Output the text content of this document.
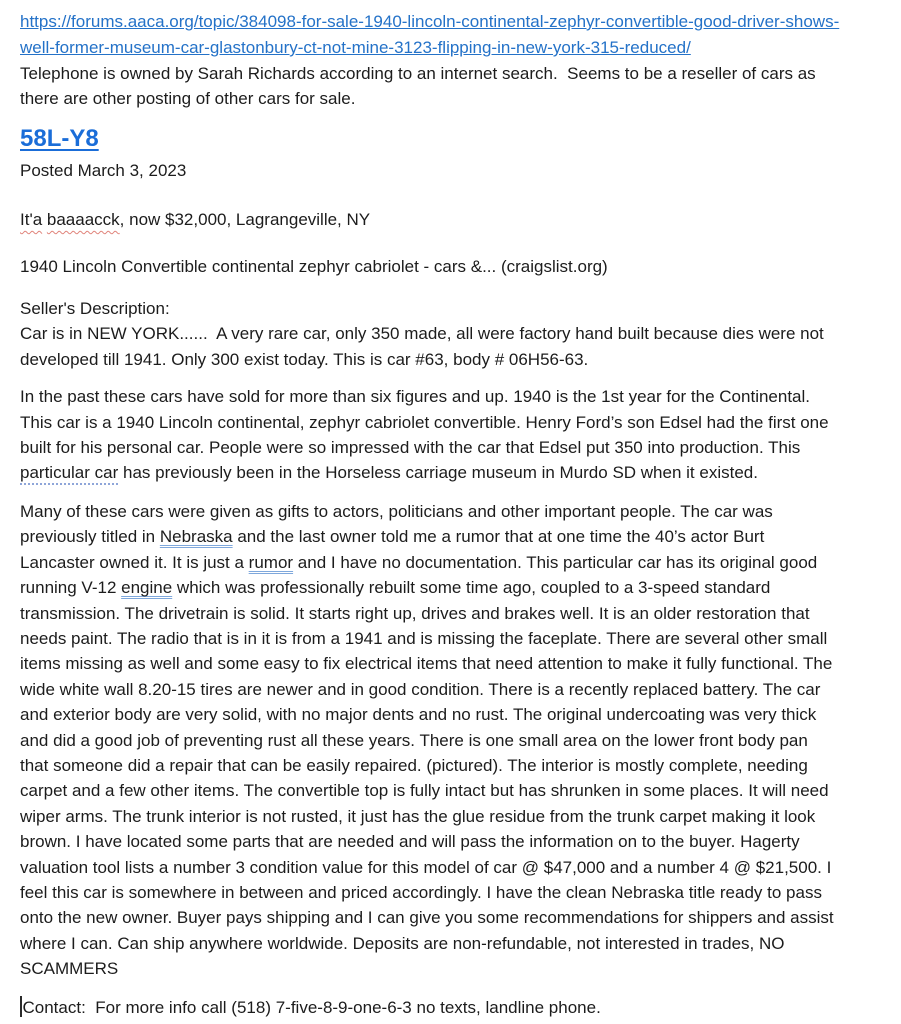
https://forums.aaca.org/topic/384098-for-sale-1940-lincoln-continental-zephyr-convertible-good-driver-shows-well-former-museum-car-glastonbury-ct-not-mine-3123-flipping-in-new-york-315-reduced/
Telephone is owned by Sarah Richards according to an internet search.  Seems to be a reseller of cars as there are other posting of other cars for sale.

58L-Y8

Posted March 3, 2023

It'a baaaacck, now $32,000, Lagrangeville, NY

1940 Lincoln Convertible continental zephyr cabriolet - cars &... (craigslist.org)

Seller's Description:
Car is in NEW YORK......  A very rare car, only 350 made, all were factory hand built because dies were not developed till 1941. Only 300 exist today. This is car #63, body # 06H56-63.

In the past these cars have sold for more than six figures and up. 1940 is the 1st year for the Continental. This car is a 1940 Lincoln continental, zephyr cabriolet convertible. Henry Ford’s son Edsel had the first one built for his personal car. People were so impressed with the car that Edsel put 350 into production. This particular car has previously been in the Horseless carriage museum in Murdo SD when it existed.

Many of these cars were given as gifts to actors, politicians and other important people. The car was previously titled in Nebraska and the last owner told me a rumor that at one time the 40’s actor Burt Lancaster owned it. It is just a rumor and I have no documentation. This particular car has its original good running V-12 engine which was professionally rebuilt some time ago, coupled to a 3-speed standard transmission. The drivetrain is solid. It starts right up, drives and brakes well. It is an older restoration that needs paint. The radio that is in it is from a 1941 and is missing the faceplate. There are several other small items missing as well and some easy to fix electrical items that need attention to make it fully functional. The wide white wall 8.20-15 tires are newer and in good condition. There is a recently replaced battery. The car and exterior body are very solid, with no major dents and no rust. The original undercoating was very thick and did a good job of preventing rust all these years. There is one small area on the lower front body pan that someone did a repair that can be easily repaired. (pictured). The interior is mostly complete, needing carpet and a few other items. The convertible top is fully intact but has shrunken in some places. It will need wiper arms. The trunk interior is not rusted, it just has the glue residue from the trunk carpet making it look brown. I have located some parts that are needed and will pass the information on to the buyer. Hagerty valuation tool lists a number 3 condition value for this model of car @ $47,000 and a number 4 @ $21,500. I feel this car is somewhere in between and priced accordingly. I have the clean Nebraska title ready to pass onto the new owner. Buyer pays shipping and I can give you some recommendations for shippers and assist where I can. Can ship anywhere worldwide. Deposits are non-refundable, not interested in trades, NO SCAMMERS

Contact:  For more info call (518) 7-five-8-9-one-6-3 no texts, landline phone.
